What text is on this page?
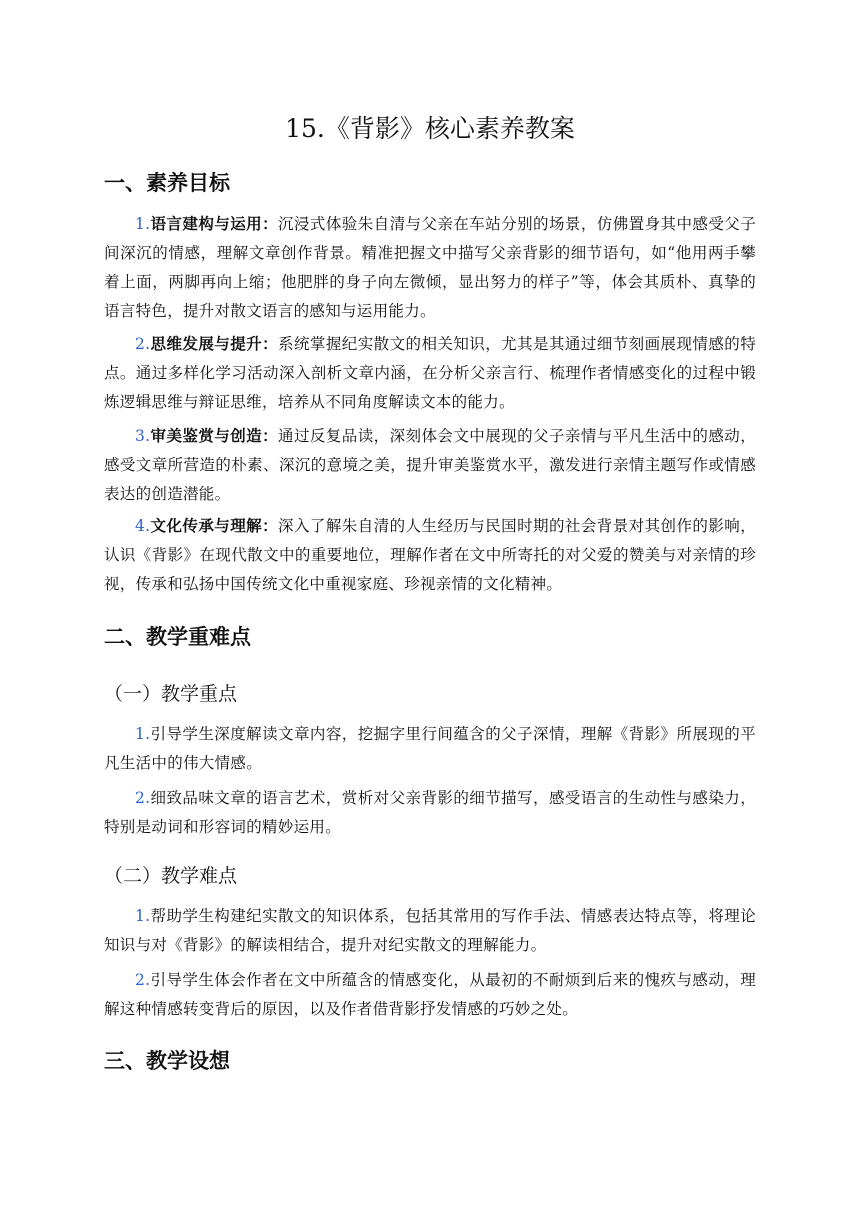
15.《背影》核心素养教案
一、素养目标

1.语言建构与运用：沉浸式体验朱自清与父亲在车站分别的场景，仿佛置身其中感受父子间深沉的情感，理解文章创作背景。精准把握文中描写父亲背影的细节语句，如“他用两手攀着上面，两脚再向上缩；他肥胖的身子向左微倾，显出努力的样子”等，体会其质朴、真挚的语言特色，提升对散文语言的感知与运用能力。

2.思维发展与提升：系统掌握纪实散文的相关知识，尤其是其通过细节刻画展现情感的特点。通过多样化学习活动深入剖析文章内涵，在分析父亲言行、梳理作者情感变化的过程中锻炼逻辑思维与辩证思维，培养从不同角度解读文本的能力。

3.审美鉴赏与创造：通过反复品读，深刻体会文中展现的父子亲情与平凡生活中的感动，感受文章所营造的朴素、深沉的意境之美，提升审美鉴赏水平，激发进行亲情主题写作或情感表达的创造潜能。

4.文化传承与理解：深入了解朱自清的人生经历与民国时期的社会背景对其创作的影响，认识《背影》在现代散文中的重要地位，理解作者在文中所寄托的对父爱的赞美与对亲情的珍视，传承和弘扬中国传统文化中重视家庭、珍视亲情的文化精神。

二、教学重难点
（一）教学重点

1.引导学生深度解读文章内容，挖掘字里行间蕴含的父子深情，理解《背影》所展现的平凡生活中的伟大情感。

2.细致品味文章的语言艺术，赏析对父亲背影的细节描写，感受语言的生动性与感染力，特别是动词和形容词的精妙运用。

（二）教学难点

1.帮助学生构建纪实散文的知识体系，包括其常用的写作手法、情感表达特点等，将理论知识与对《背影》的解读相结合，提升对纪实散文的理解能力。

2.引导学生体会作者在文中所蕴含的情感变化，从最初的不耐烦到后来的愧疚与感动，理解这种情感转变背后的原因，以及作者借背影抒发情感的巧妙之处。

三、教学设想
